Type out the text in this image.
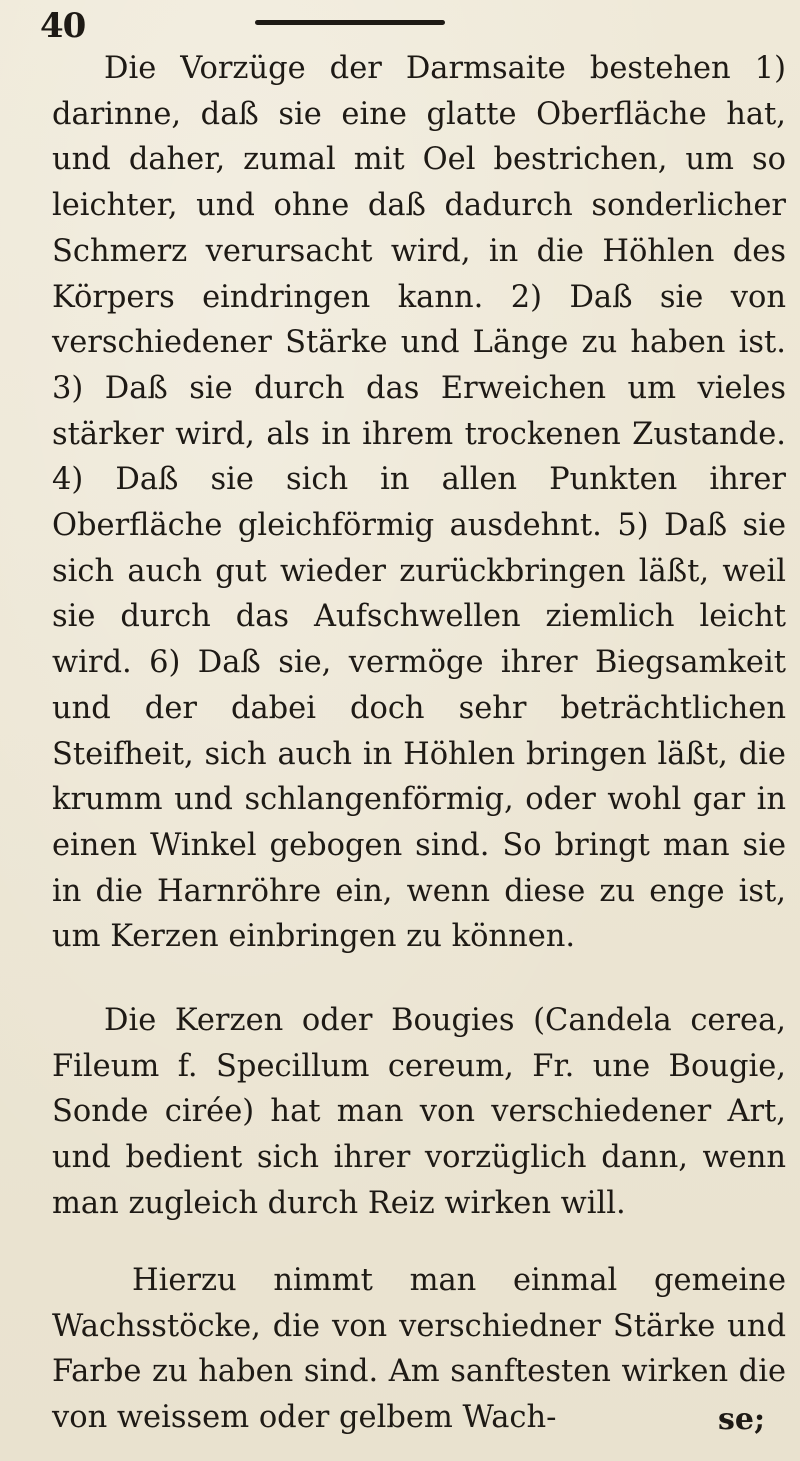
40

Die Vorzüge der Darmsaite bestehen 1) darinne, daß sie eine glatte Oberfläche hat, und daher, zumal mit Oel bestrichen, um so leichter, und ohne daß dadurch sonderlicher Schmerz verursacht wird, in die Höhlen des Körpers eindringen kann. 2) Daß sie von verschiedener Stärke und Länge zu haben ist. 3) Daß sie durch das Erweichen um vieles stärker wird, als in ihrem trockenen Zustande. 4) Daß sie sich in allen Punkten ihrer Oberfläche gleichförmig ausdehnt. 5) Daß sie sich auch gut wieder zurückbringen läßt, weil sie durch das Aufschwellen ziemlich leicht wird. 6) Daß sie, vermöge ihrer Biegsamkeit und der dabei doch sehr beträchtlichen Steifheit, sich auch in Höhlen bringen läßt, die krumm und schlangenförmig, oder wohl gar in einen Winkel gebogen sind. So bringt man sie in die Harnröhre ein, wenn diese zu enge ist, um Kerzen einbringen zu können.

Die Kerzen oder Bougies (Candela cerea, Fileum f. Specillum cereum, Fr. une Bougie, Sonde cirée) hat man von verschiedener Art, und bedient sich ihrer vorzüglich dann, wenn man zugleich durch Reiz wirken will.

Hierzu nimmt man einmal gemeine Wachsstöcke, die von verschiedner Stärke und Farbe zu haben sind. Am sanftesten wirken die von weissem oder gelbem Wach-	se;
